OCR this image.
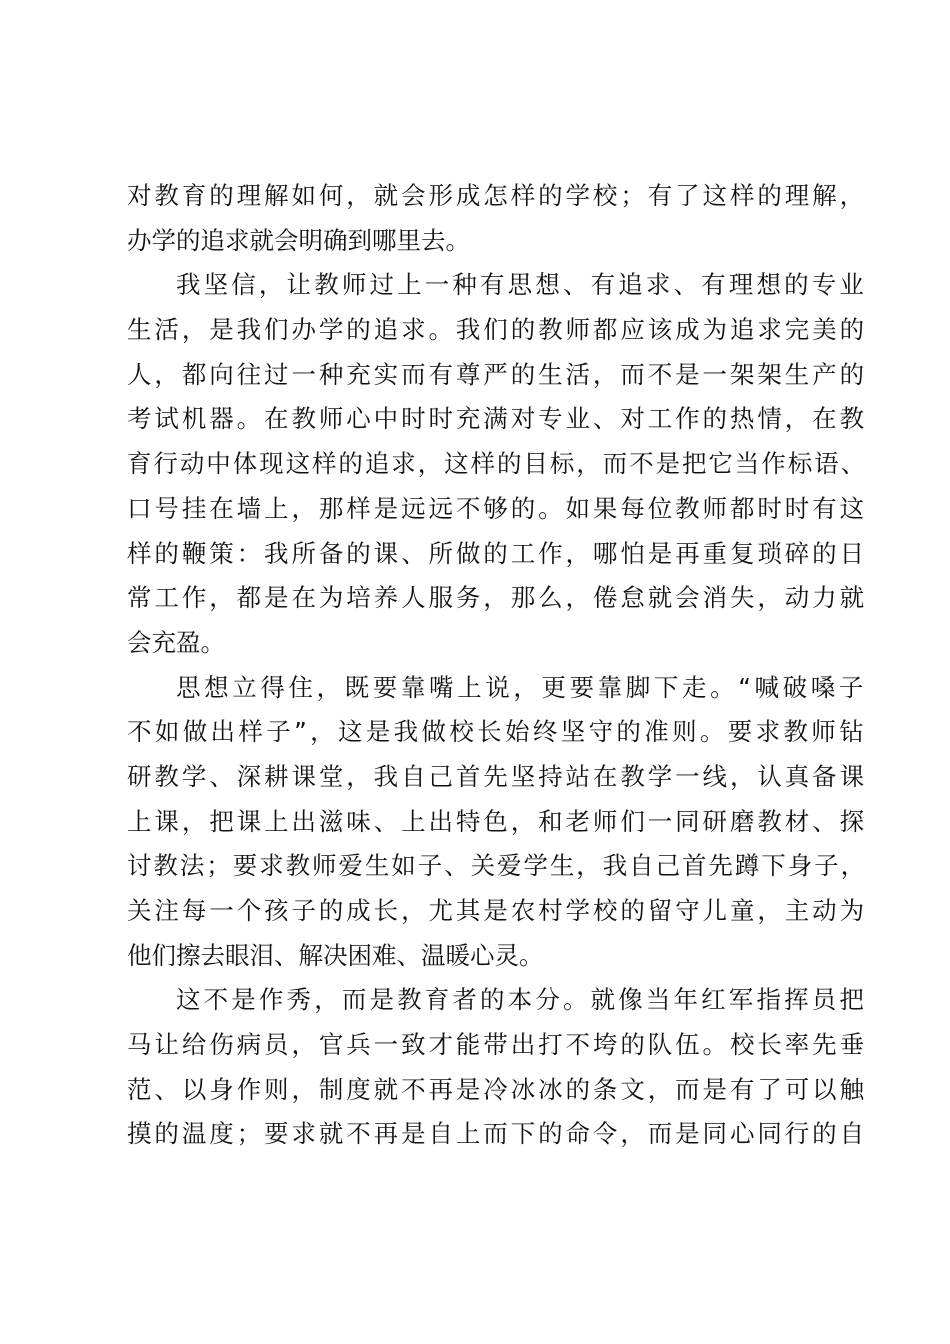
对教育的理解如何，就会形成怎样的学校；有了这样的理解，
办学的追求就会明确到哪里去。
我坚信，让教师过上一种有思想、有追求、有理想的专业
生活，是我们办学的追求。我们的教师都应该成为追求完美的
人，都向往过一种充实而有尊严的生活，而不是一架架生产的
考试机器。在教师心中时时充满对专业、对工作的热情，在教
育行动中体现这样的追求，这样的目标，而不是把它当作标语、
口号挂在墙上，那样是远远不够的。如果每位教师都时时有这
样的鞭策：我所备的课、所做的工作，哪怕是再重复琐碎的日
常工作，都是在为培养人服务，那么，倦怠就会消失，动力就
会充盈。
思想立得住，既要靠嘴上说，更要靠脚下走。“喊破嗓子
不如做出样子”，这是我做校长始终坚守的准则。要求教师钻
研教学、深耕课堂，我自己首先坚持站在教学一线，认真备课
上课，把课上出滋味、上出特色，和老师们一同研磨教材、探
讨教法；要求教师爱生如子、关爱学生，我自己首先蹲下身子，
关注每一个孩子的成长，尤其是农村学校的留守儿童，主动为
他们擦去眼泪、解决困难、温暖心灵。
这不是作秀，而是教育者的本分。就像当年红军指挥员把
马让给伤病员，官兵一致才能带出打不垮的队伍。校长率先垂
范、以身作则，制度就不再是冷冰冰的条文，而是有了可以触
摸的温度；要求就不再是自上而下的命令，而是同心同行的自
